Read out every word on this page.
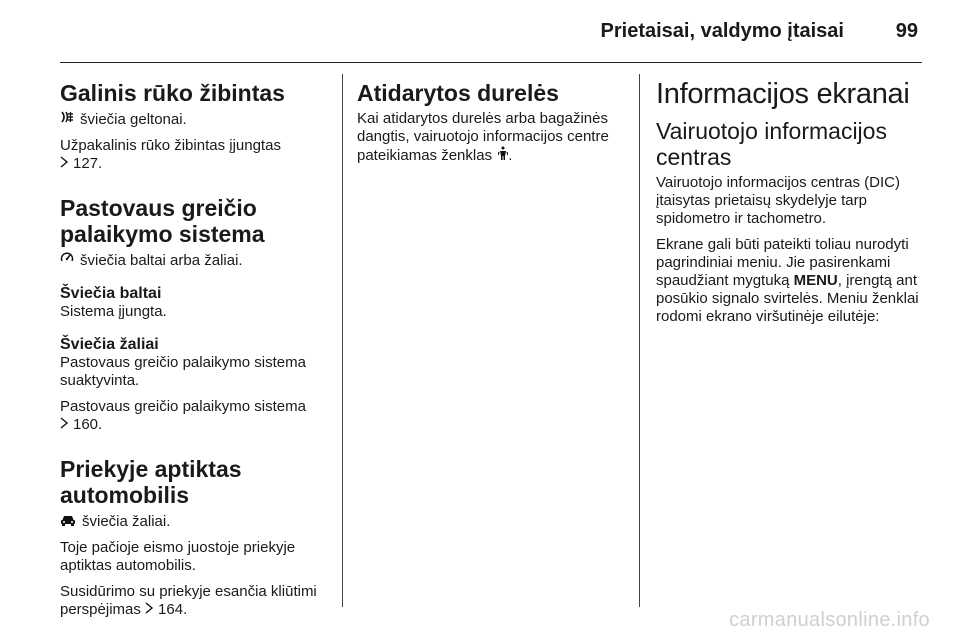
Prietaisai, valdymo įtaisai	99
Galinis rūko žibintas

šviečia geltonai.

Užpakalinis rūko žibintas įjungtas
127.

Pastovaus greičio
palaikymo sistema

šviečia baltai arba žaliai.

Šviečia baltai

Sistema įjungta.

Šviečia žaliai

Pastovaus greičio palaikymo sistema suaktyvinta.

Pastovaus greičio palaikymo sistema
160.

Priekyje aptiktas
automobilis

šviečia žaliai.

Toje pačioje eismo juostoje priekyje aptiktas automobilis.

Susidūrimo su priekyje esančia kliūtimi perspėjimas 164.

Atidarytos durelės

Kai atidarytos durelės arba bagažinės dangtis, vairuotojo informacijos centre pateikiamas ženklas .

Informacijos ekranai
Vairuotojo informacijos centras

Vairuotojo informacijos centras (DIC) įtaisytas prietaisų skydelyje tarp spidometro ir tachometro.

Ekrane gali būti pateikti toliau nurodyti pagrindiniai meniu. Jie pasirenkami spaudžiant mygtuką MENU, įrengtą ant posūkio signalo svirtelės. Meniu ženklai rodomi ekrano viršutinėje eilutėje:

carmanualsonline.info
